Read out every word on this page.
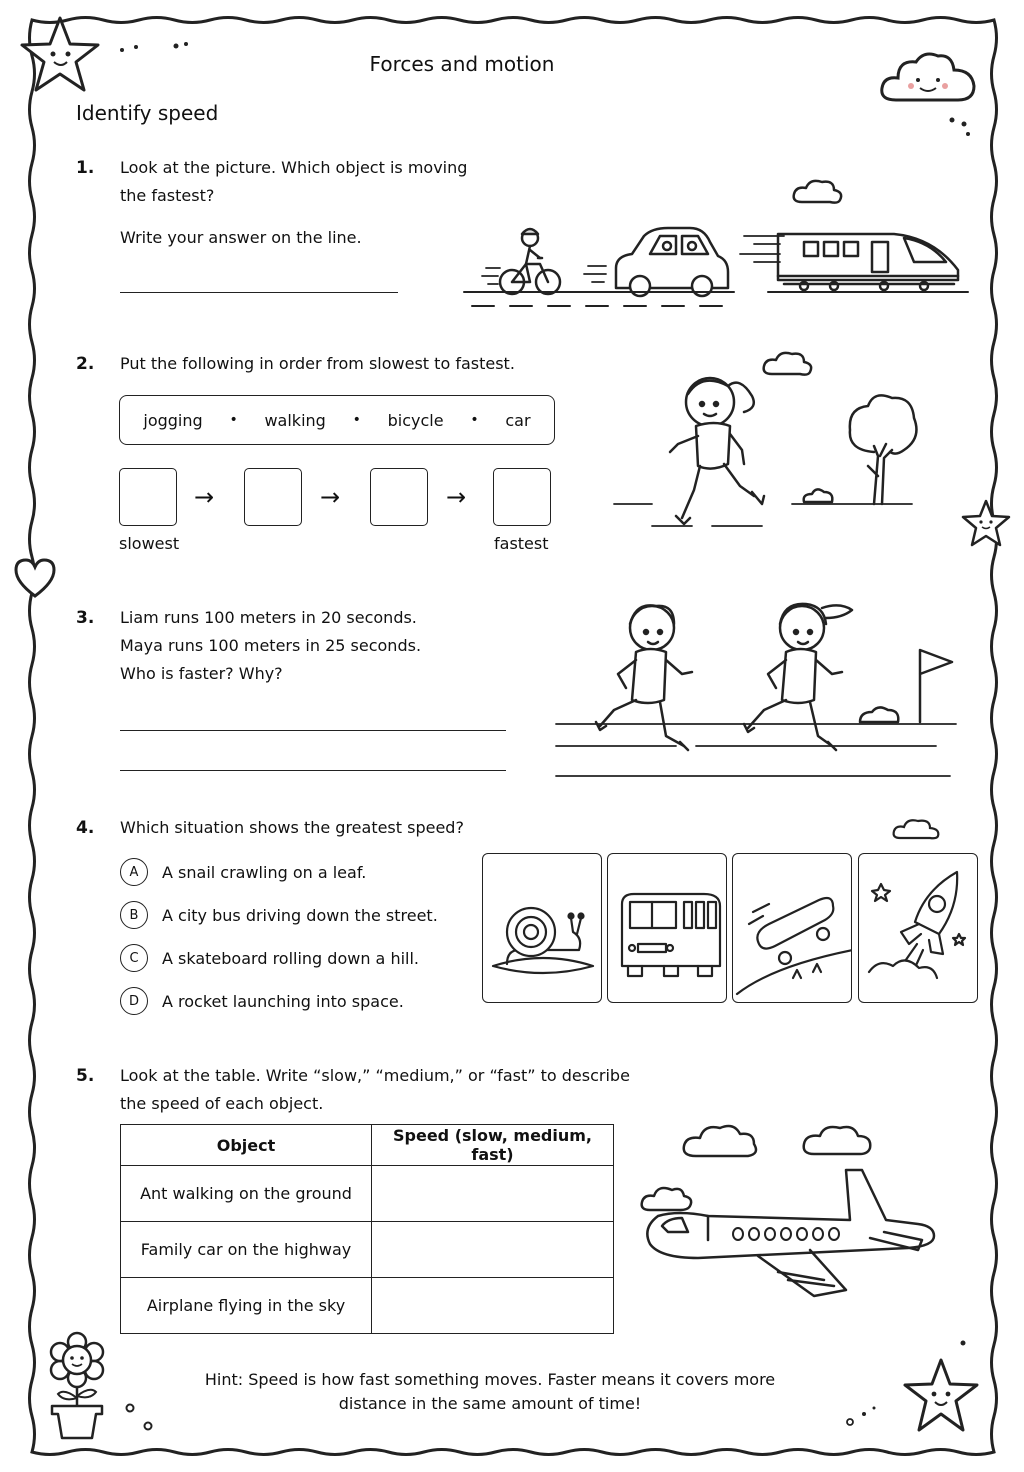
Forces and motion
Identify speed
1. Look at the picture. Which object is moving
the fastest?
Write your answer on the line.
2. Put the following in order from slowest to fastest.
jogging • walking • bicycle • car
→	→	→
slowest	fastest
3. Liam runs 100 meters in 20 seconds.
Maya runs 100 meters in 25 seconds.
Who is faster? Why?
4. Which situation shows the greatest speed?
A	A snail crawling on a leaf.
B	A city bus driving down the street.
C	A skateboard rolling down a hill.
D	A rocket launching into space.
5. Look at the table. Write “slow,” “medium,” or “fast” to describe
the speed of each object.
Object	Speed (slow, medium, fast)
Ant walking on the ground	
Family car on the highway	
Airplane flying in the sky	
Hint: Speed is how fast something moves. Faster means it covers more
distance in the same amount of time!
